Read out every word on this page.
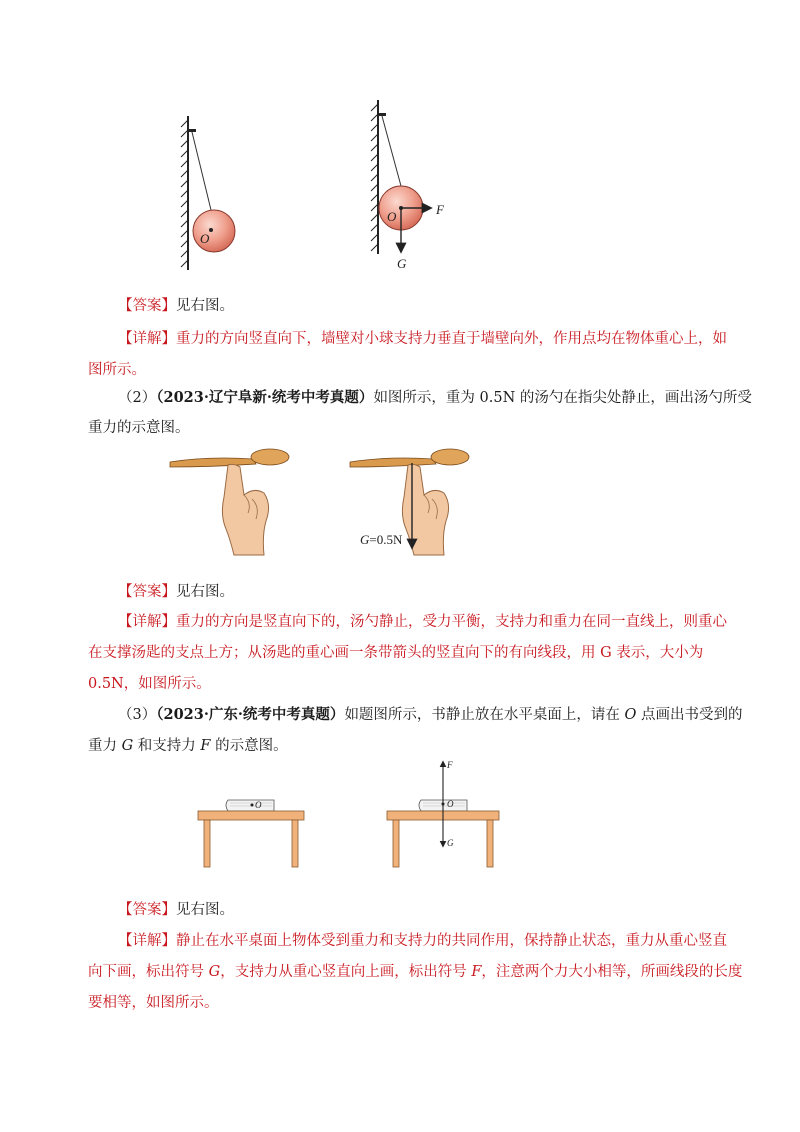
O
O	F
G
【答案】见右图。
【详解】重力的方向竖直向下，墙壁对小球支持力垂直于墙壁向外，作用点均在物体重心上，如
图所示。
（2）（2023·辽宁阜新·统考中考真题）如图所示，重为 0.5N 的汤勺在指尖处静止，画出汤勺所受
重力的示意图。
G=0.5N
【答案】见右图。
【详解】重力的方向是竖直向下的，汤勺静止，受力平衡，支持力和重力在同一直线上，则重心
在支撑汤匙的支点上方；从汤匙的重心画一条带箭头的竖直向下的有向线段，用 G 表示，大小为
0.5N，如图所示。
（3）（2023·广东·统考中考真题）如题图所示，书静止放在水平桌面上，请在 O 点画出书受到的
重力 G 和支持力 F 的示意图。
O	O
F
G
【答案】见右图。
【详解】静止在水平桌面上物体受到重力和支持力的共同作用，保持静止状态，重力从重心竖直
向下画，标出符号 G，支持力从重心竖直向上画，标出符号 F，注意两个力大小相等，所画线段的长度
要相等，如图所示。
